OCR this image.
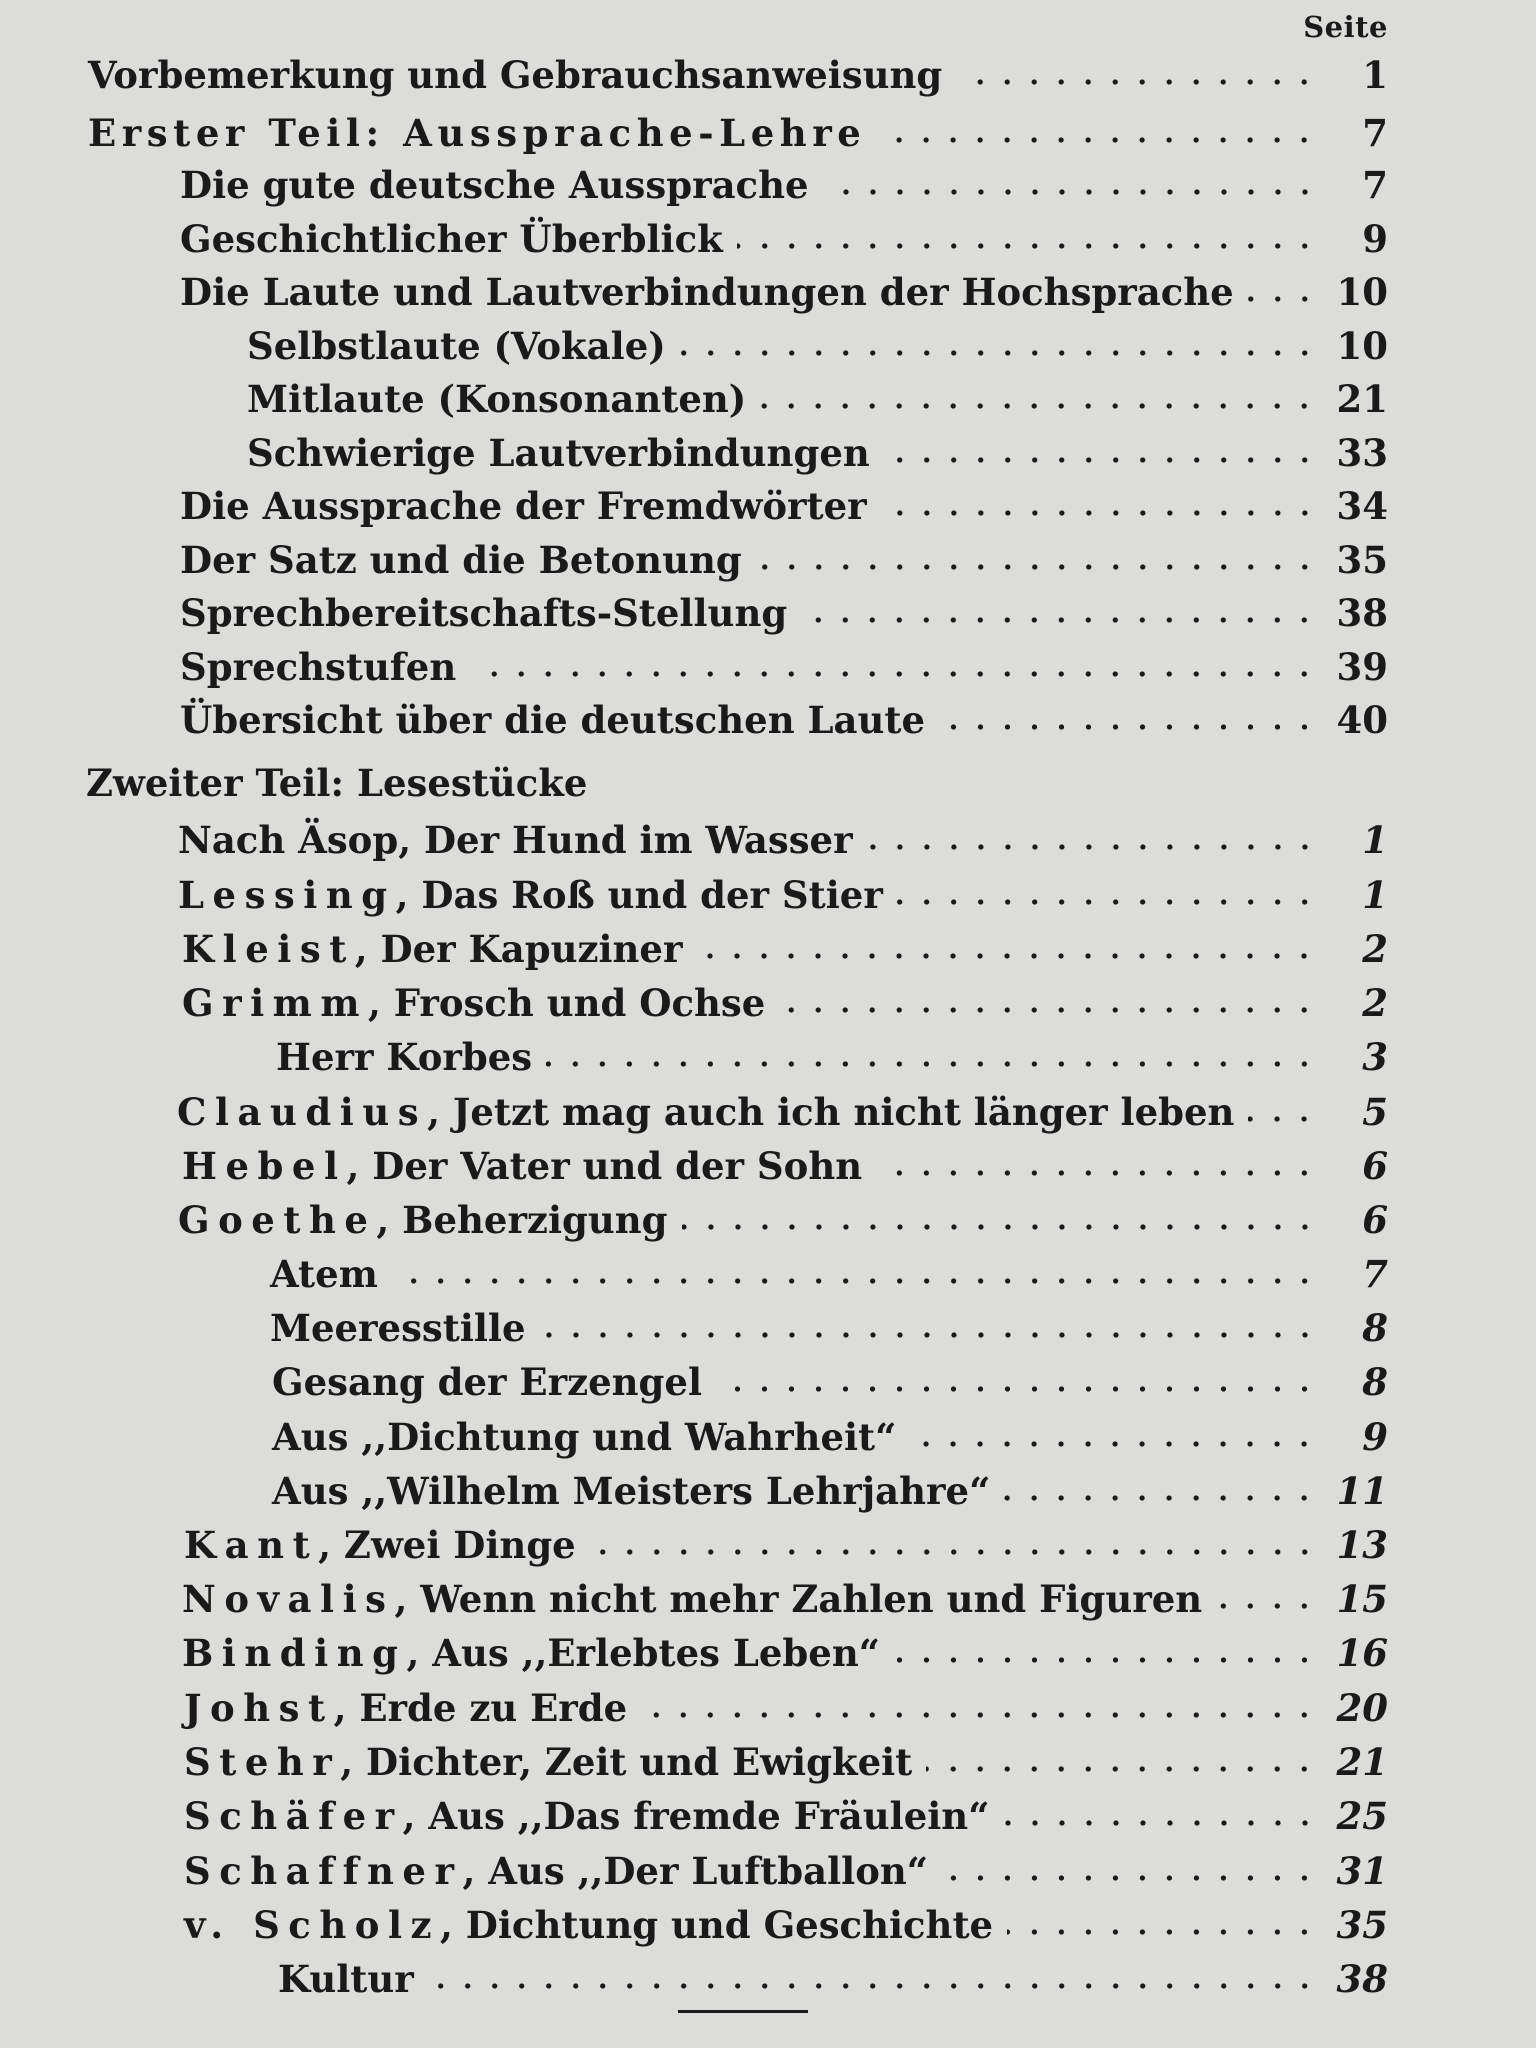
Seite
Vorbemerkung und Gebrauchsanweisung	1
Erster Teil: Aussprache-Lehre	7
Die gute deutsche Aussprache	7
Geschichtlicher Überblick	9
Die Laute und Lautverbindungen der Hochsprache	10
Selbstlaute (Vokale)	10
Mitlaute (Konsonanten)	21
Schwierige Lautverbindungen	33
Die Aussprache der Fremdwörter	34
Der Satz und die Betonung	35
Sprechbereitschafts-Stellung	38
Sprechstufen	39
Übersicht über die deutschen Laute	40
Zweiter Teil: Lesestücke
Nach Äsop, Der Hund im Wasser	1
Lessing, Das Roß und der Stier	1
Kleist, Der Kapuziner	2
Grimm, Frosch und Ochse	2
Herr Korbes	3
Claudius, Jetzt mag auch ich nicht länger leben	5
Hebel, Der Vater und der Sohn	6
Goethe, Beherzigung	6
Atem	7
Meeresstille	8
Gesang der Erzengel	8
Aus ,,Dichtung und Wahrheit“	9
Aus ,,Wilhelm Meisters Lehrjahre“	11
Kant, Zwei Dinge	13
Novalis, Wenn nicht mehr Zahlen und Figuren	15
Binding, Aus ,,Erlebtes Leben“	16
Johst, Erde zu Erde	20
Stehr, Dichter, Zeit und Ewigkeit	21
Schäfer, Aus ,,Das fremde Fräulein“	25
Schaffner, Aus ,,Der Luftballon“	31
v. Scholz, Dichtung und Geschichte	35
Kultur	38
